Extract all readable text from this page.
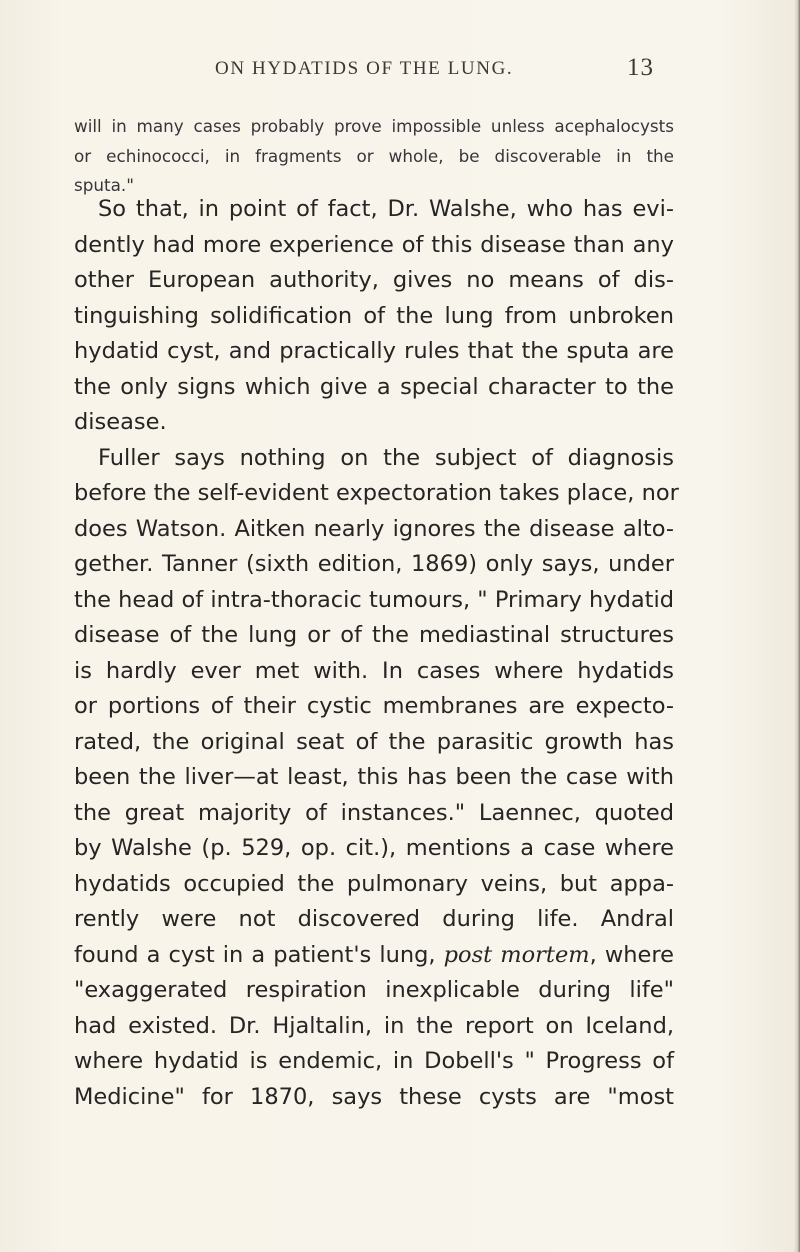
ON HYDATIDS OF THE LUNG.	13
will in many cases probably prove impossible unless acephalocysts
or echinococci, in fragments or whole, be discoverable in the
sputa."
So that, in point of fact, Dr. Walshe, who has evi-
dently had more experience of this disease than any
other European authority, gives no means of dis-
tinguishing solidification of the lung from unbroken
hydatid cyst, and practically rules that the sputa are
the only signs which give a special character to the
disease.
Fuller says nothing on the subject of diagnosis
before the self-evident expectoration takes place, nor
does Watson. Aitken nearly ignores the disease alto-
gether. Tanner (sixth edition, 1869) only says, under
the head of intra-thoracic tumours, " Primary hydatid
disease of the lung or of the mediastinal structures
is hardly ever met with. In cases where hydatids
or portions of their cystic membranes are expecto-
rated, the original seat of the parasitic growth has
been the liver—at least, this has been the case with
the great majority of instances." Laennec, quoted
by Walshe (p. 529, op. cit.), mentions a case where
hydatids occupied the pulmonary veins, but appa-
rently were not discovered during life. Andral
found a cyst in a patient's lung, post mortem, where
"exaggerated respiration inexplicable during life"
had existed. Dr. Hjaltalin, in the report on Iceland,
where hydatid is endemic, in Dobell's " Progress of
Medicine" for 1870, says these cysts are "most
